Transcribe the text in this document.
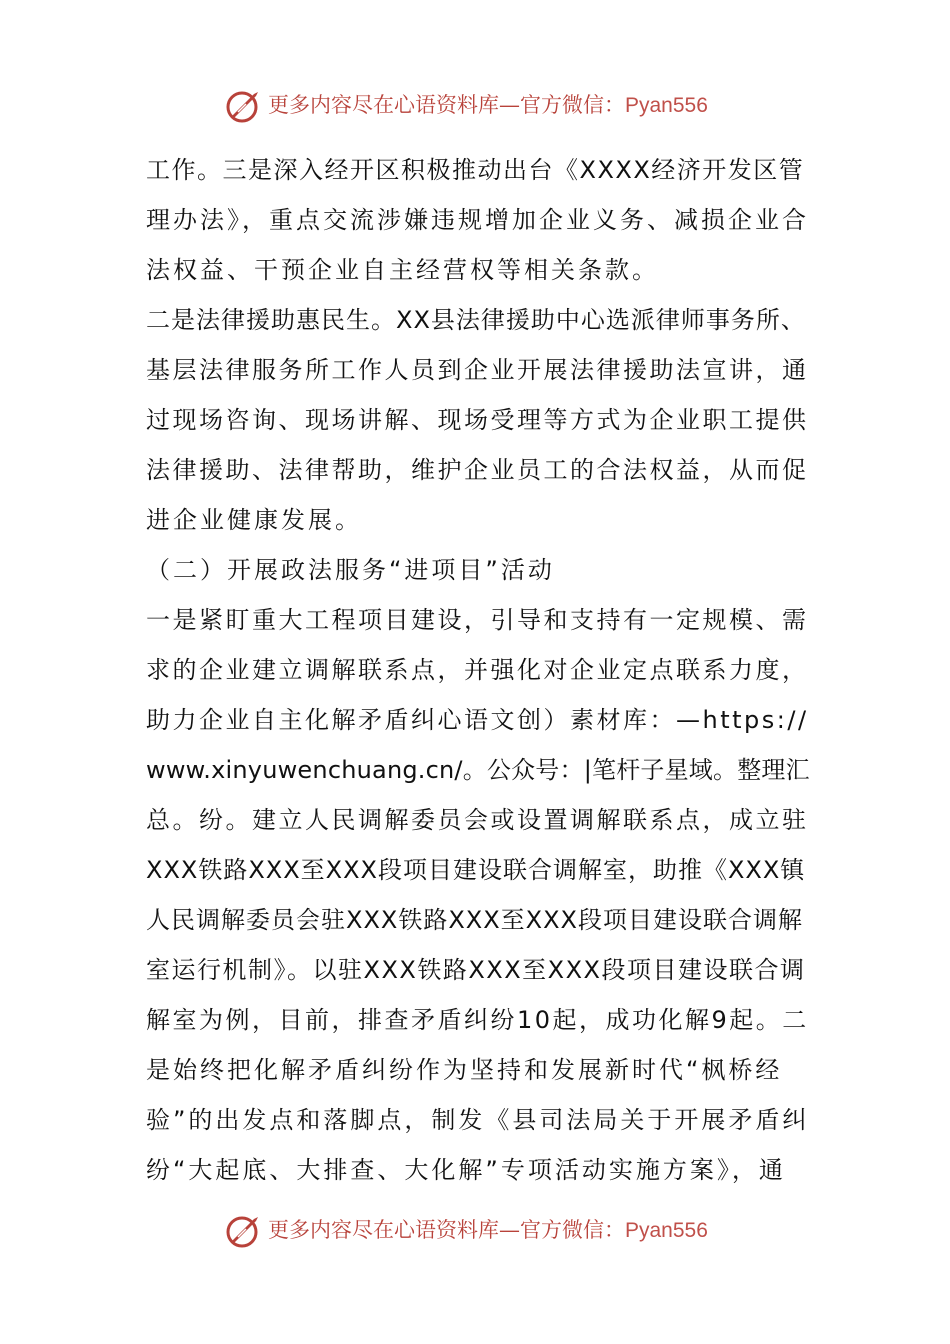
更多内容尽在心语资料库—官方微信：Pyan556
工作。三是深入经开区积极推动出台《XXXX经济开发区管
理办法》，重点交流涉嫌违规增加企业义务、减损企业合
法权益、干预企业自主经营权等相关条款。
二是法律援助惠民生。XX县法律援助中心选派律师事务所、
基层法律服务所工作人员到企业开展法律援助法宣讲，通
过现场咨询、现场讲解、现场受理等方式为企业职工提供
法律援助、法律帮助，维护企业员工的合法权益，从而促
进企业健康发展。
（二）开展政法服务“进项目”活动
一是紧盯重大工程项目建设，引导和支持有一定规模、需
求的企业建立调解联系点，并强化对企业定点联系力度，
助力企业自主化解矛盾纠心语文创）素材库：—https://
www.xinyuwenchuang.cn/。公众号：|笔杆子星域。整理汇
总。纷。建立人民调解委员会或设置调解联系点，成立驻
XXX铁路XXX至XXX段项目建设联合调解室，助推《XXX镇
人民调解委员会驻XXX铁路XXX至XXX段项目建设联合调解
室运行机制》。以驻XXX铁路XXX至XXX段项目建设联合调
解室为例，目前，排查矛盾纠纷10起，成功化解9起。二
是始终把化解矛盾纠纷作为坚持和发展新时代“枫桥经
验”的出发点和落脚点，制发《县司法局关于开展矛盾纠
纷“大起底、大排查、大化解”专项活动实施方案》，通
更多内容尽在心语资料库—官方微信：Pyan556
